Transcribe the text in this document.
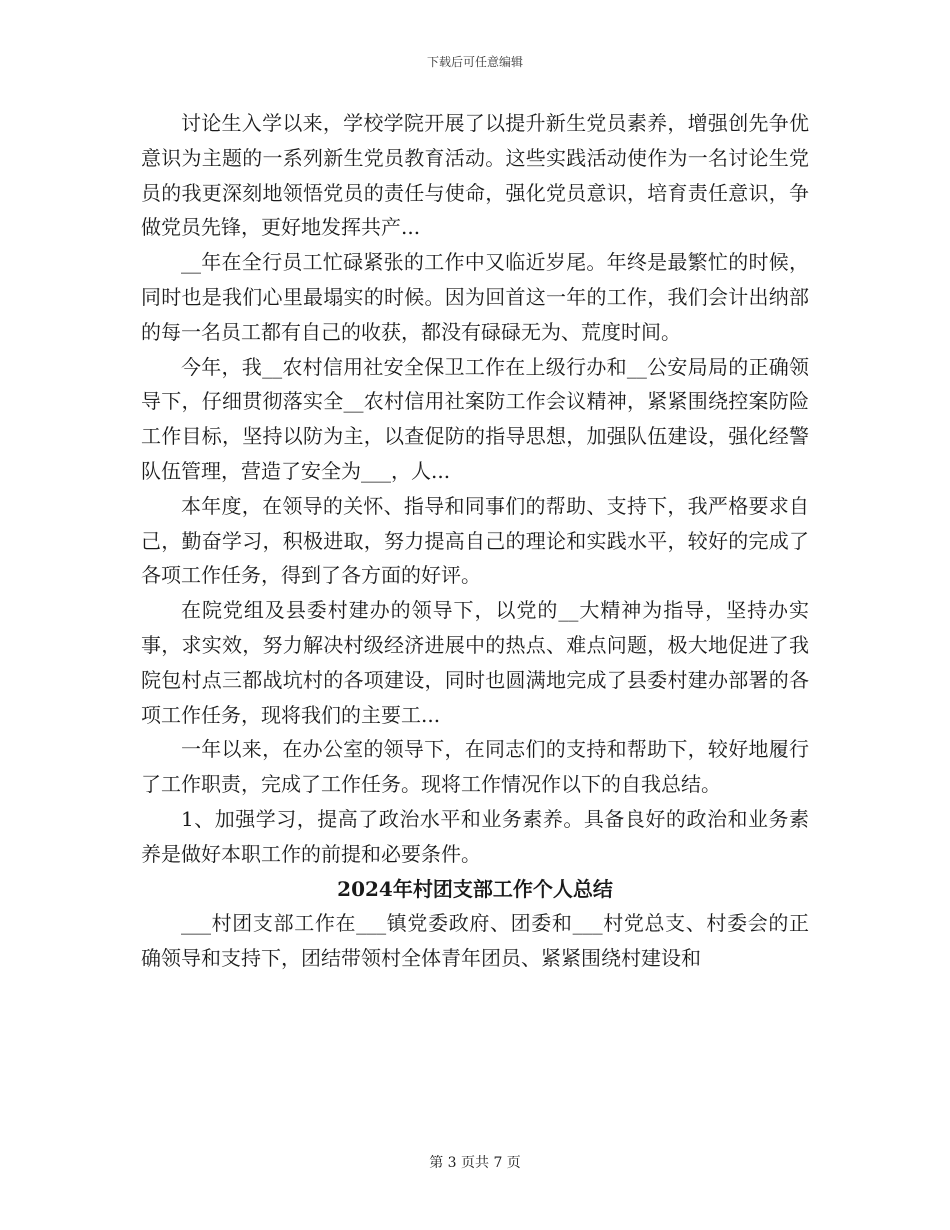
下载后可任意编辑

讨论生入学以来，学校学院开展了以提升新生党员素养，增强创先争优意识为主题的一系列新生党员教育活动。这些实践活动使作为一名讨论生党员的我更深刻地领悟党员的责任与使命，强化党员意识，培育责任意识，争做党员先锋，更好地发挥共产...

__年在全行员工忙碌紧张的工作中又临近岁尾。年终是最繁忙的时候，同时也是我们心里最塌实的时候。因为回首这一年的工作，我们会计出纳部的每一名员工都有自己的收获，都没有碌碌无为、荒度时间。

今年，我__农村信用社安全保卫工作在上级行办和__公安局局的正确领导下，仔细贯彻落实全__农村信用社案防工作会议精神，紧紧围绕控案防险工作目标，坚持以防为主，以查促防的指导思想，加强队伍建设，强化经警队伍管理，营造了安全为___，人...

本年度，在领导的关怀、指导和同事们的帮助、支持下，我严格要求自己，勤奋学习，积极进取，努力提高自己的理论和实践水平，较好的完成了各项工作任务，得到了各方面的好评。

在院党组及县委村建办的领导下，以党的__大精神为指导，坚持办实事，求实效，努力解决村级经济进展中的热点、难点问题，极大地促进了我院包村点三都战坑村的各项建设，同时也圆满地完成了县委村建办部署的各项工作任务，现将我们的主要工...

一年以来，在办公室的领导下，在同志们的支持和帮助下，较好地履行了工作职责，完成了工作任务。现将工作情况作以下的自我总结。

1、加强学习，提高了政治水平和业务素养。具备良好的政治和业务素养是做好本职工作的前提和必要条件。

2024年村团支部工作个人总结

___村团支部工作在___镇党委政府、团委和___村党总支、村委会的正确领导和支持下，团结带领村全体青年团员、紧紧围绕村建设和

第 3 页共 7 页
